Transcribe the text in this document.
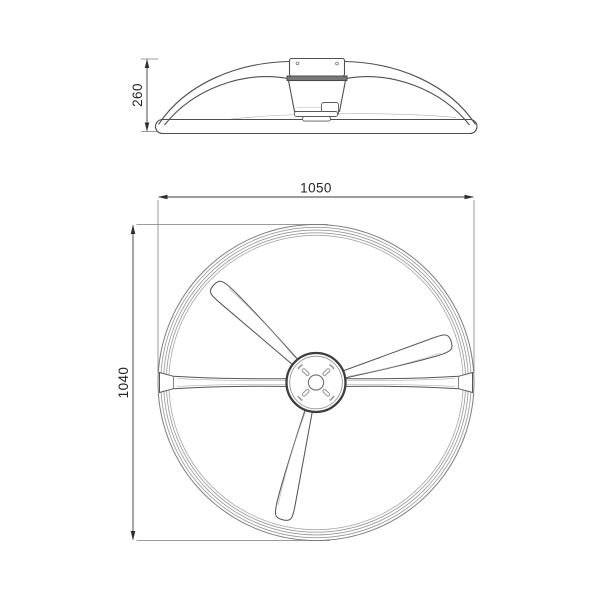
260
1050
1040
